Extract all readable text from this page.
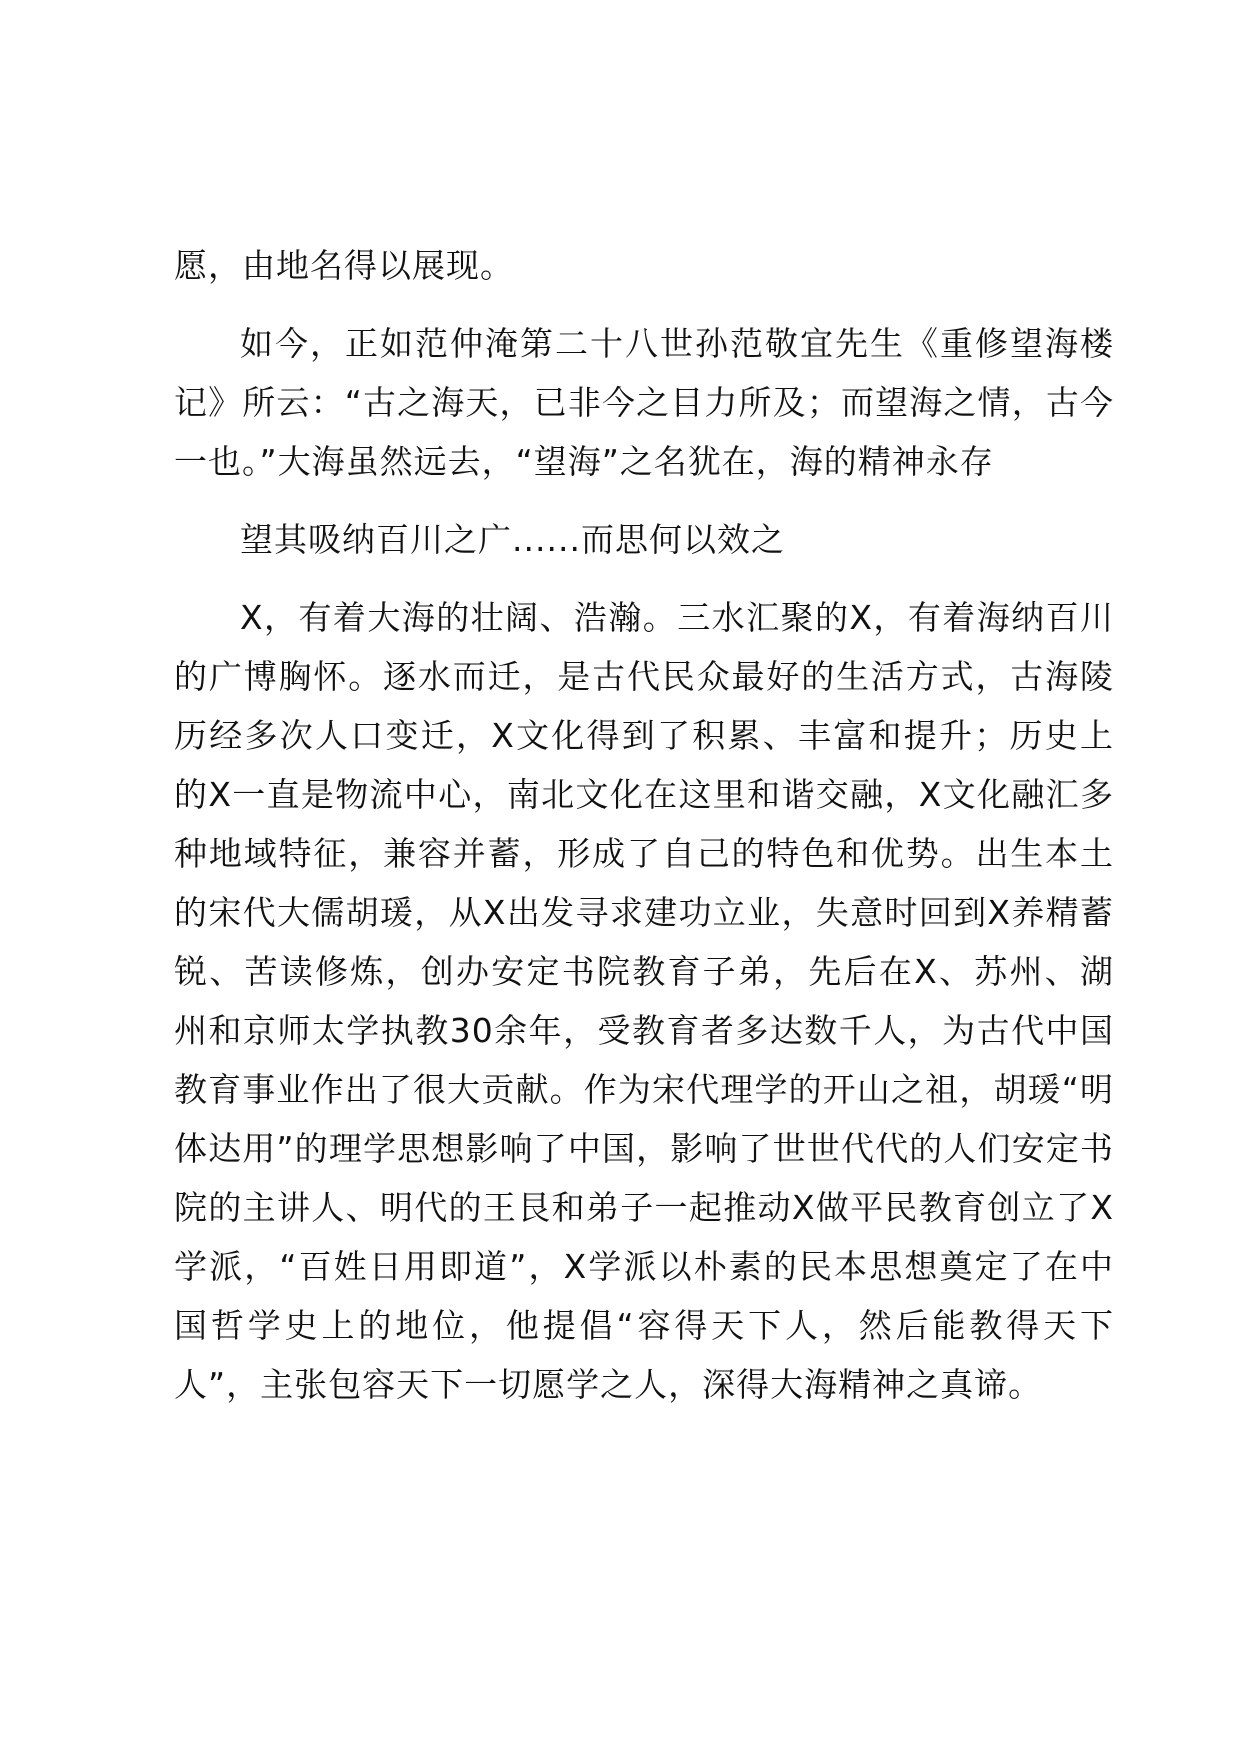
愿，由地名得以展现。

如今，正如范仲淹第二十八世孙范敬宜先生《重修望海楼记》所云：“古之海天，已非今之目力所及；而望海之情，古今一也。”大海虽然远去，“望海”之名犹在，海的精神永存

望其吸纳百川之广......而思何以效之

X，有着大海的壮阔、浩瀚。三水汇聚的X，有着海纳百川的广博胸怀。逐水而迁，是古代民众最好的生活方式，古海陵历经多次人口变迁，X文化得到了积累、丰富和提升；历史上的X一直是物流中心，南北文化在这里和谐交融，X文化融汇多种地域特征，兼容并蓄，形成了自己的特色和优势。出生本土的宋代大儒胡瑗，从X出发寻求建功立业，失意时回到X养精蓄锐、苦读修炼，创办安定书院教育子弟，先后在X、苏州、湖州和京师太学执教30余年，受教育者多达数千人，为古代中国教育事业作出了很大贡献。作为宋代理学的开山之祖，胡瑗“明体达用”的理学思想影响了中国，影响了世世代代的人们安定书院的主讲人、明代的王艮和弟子一起推动X做平民教育创立了X学派，“百姓日用即道”，X学派以朴素的民本思想奠定了在中国哲学史上的地位，他提倡“容得天下人，然后能教得天下人”，主张包容天下一切愿学之人，深得大海精神之真谛。
